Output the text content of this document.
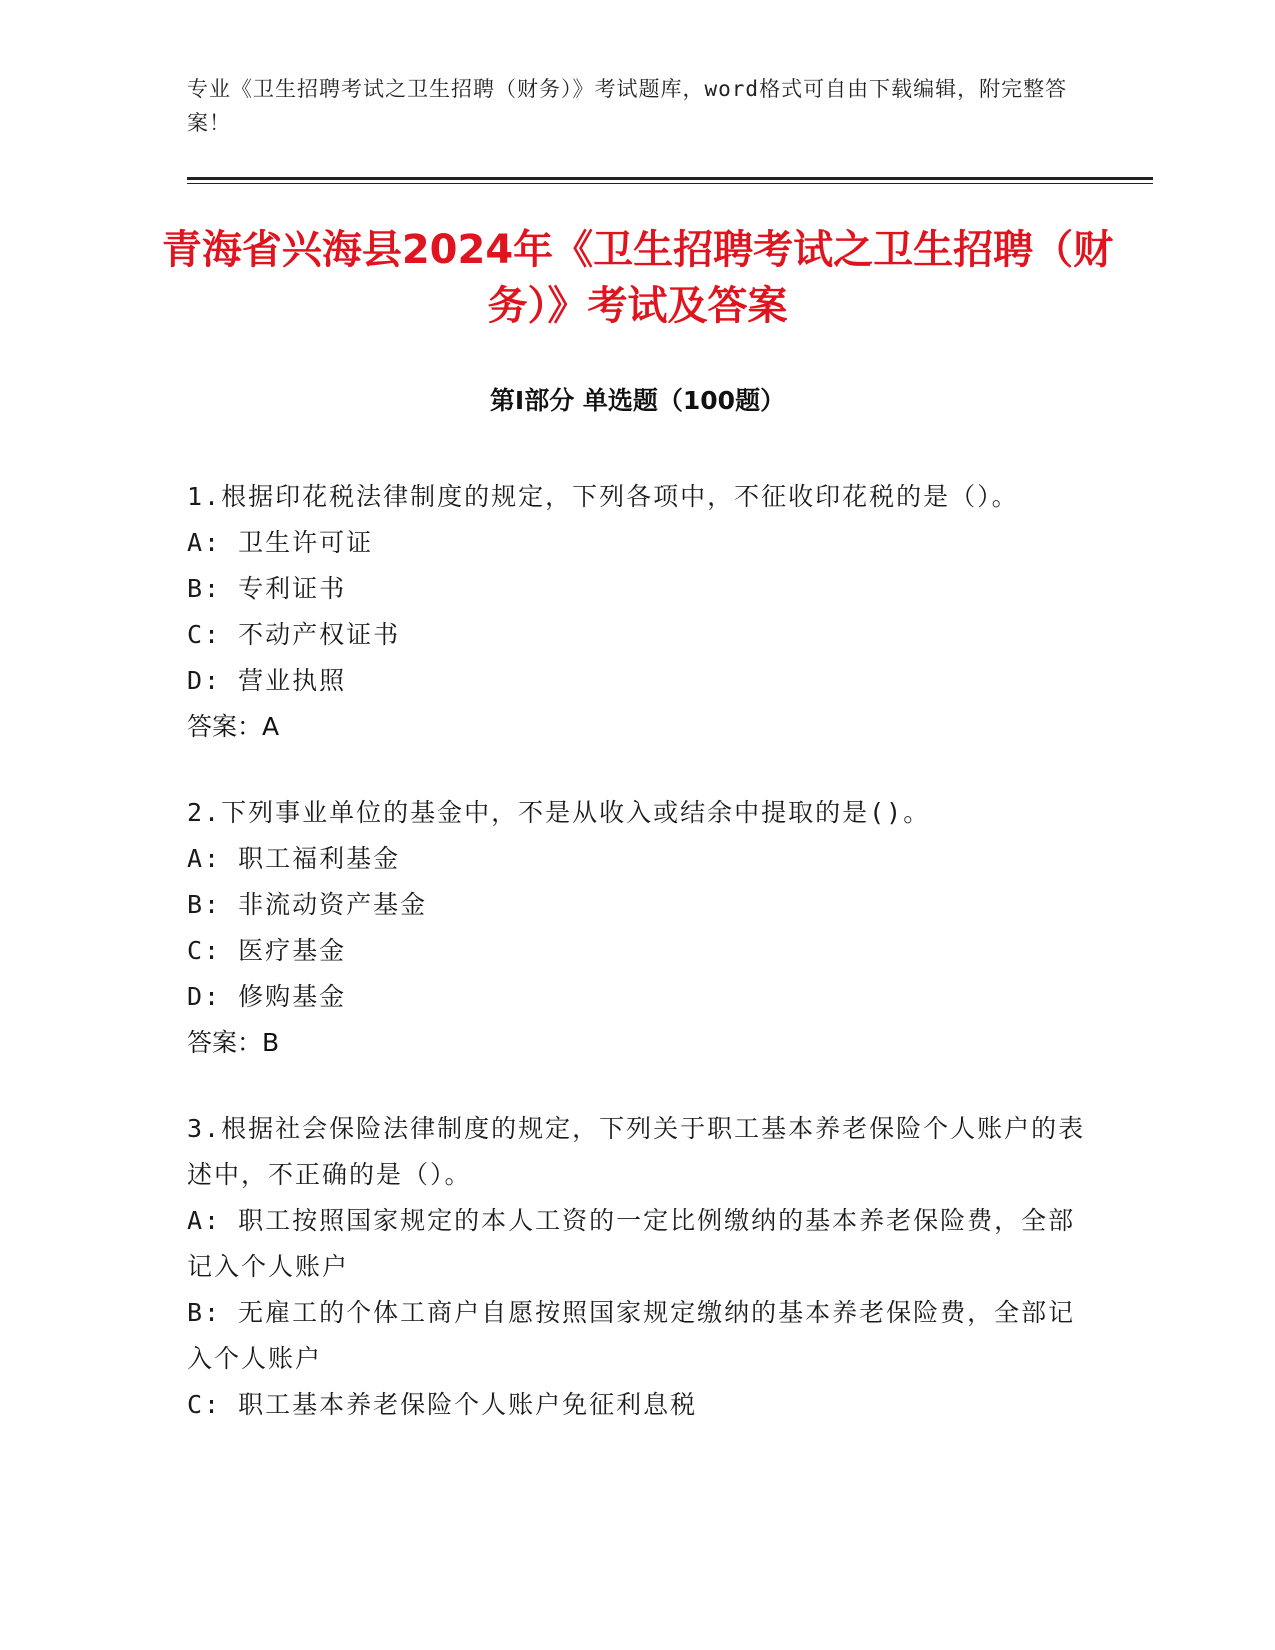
专业《卫生招聘考试之卫生招聘（财务）》考试题库，word格式可自由下载编辑，附完整答案！
青海省兴海县2024年《卫生招聘考试之卫生招聘（财务）》考试及答案
第Ⅰ部分 单选题（100题）

1.根据印花税法律制度的规定，下列各项中，不征收印花税的是（）。

A: 卫生许可证

B: 专利证书

C: 不动产权证书

D: 营业执照

答案：A

2.下列事业单位的基金中，不是从收入或结余中提取的是()。

A: 职工福利基金

B: 非流动资产基金

C: 医疗基金

D: 修购基金

答案：B

3.根据社会保险法律制度的规定，下列关于职工基本养老保险个人账户的表述中，不正确的是（）。

A: 职工按照国家规定的本人工资的一定比例缴纳的基本养老保险费，全部记入个人账户

B: 无雇工的个体工商户自愿按照国家规定缴纳的基本养老保险费，全部记入个人账户

C: 职工基本养老保险个人账户免征利息税
